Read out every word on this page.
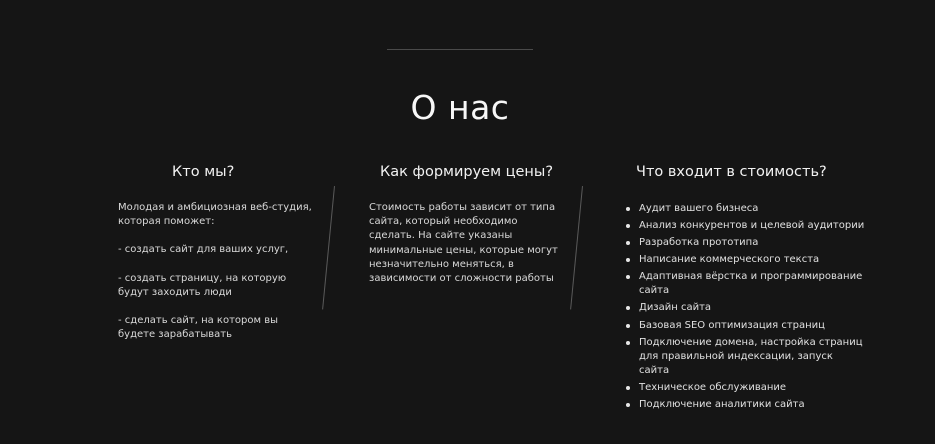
О нас
Кто мы?

Молодая и амбициозная веб-студия, которая поможет:

- создать сайт для ваших услуг,

- создать страницу, на которую будут заходить люди

- сделать сайт, на котором вы будете зарабатывать

Как формируем цены?

Стоимость работы зависит от типа сайта, который необходимо сделать. На сайте указаны минимальные цены, которые могут незначительно меняться, в зависимости от сложности работы

Что входит в стоимость?
Аудит вашего бизнеса
Анализ конкурентов и целевой аудитории
Разработка прототипа
Написание коммерческого текста
Адаптивная вёрстка и программирование сайта
Дизайн сайта
Базовая SEO оптимизация страниц
Подключение домена, настройка страниц для правильной индексации, запуск сайта
Техническое обслуживание
Подключение аналитики сайта
